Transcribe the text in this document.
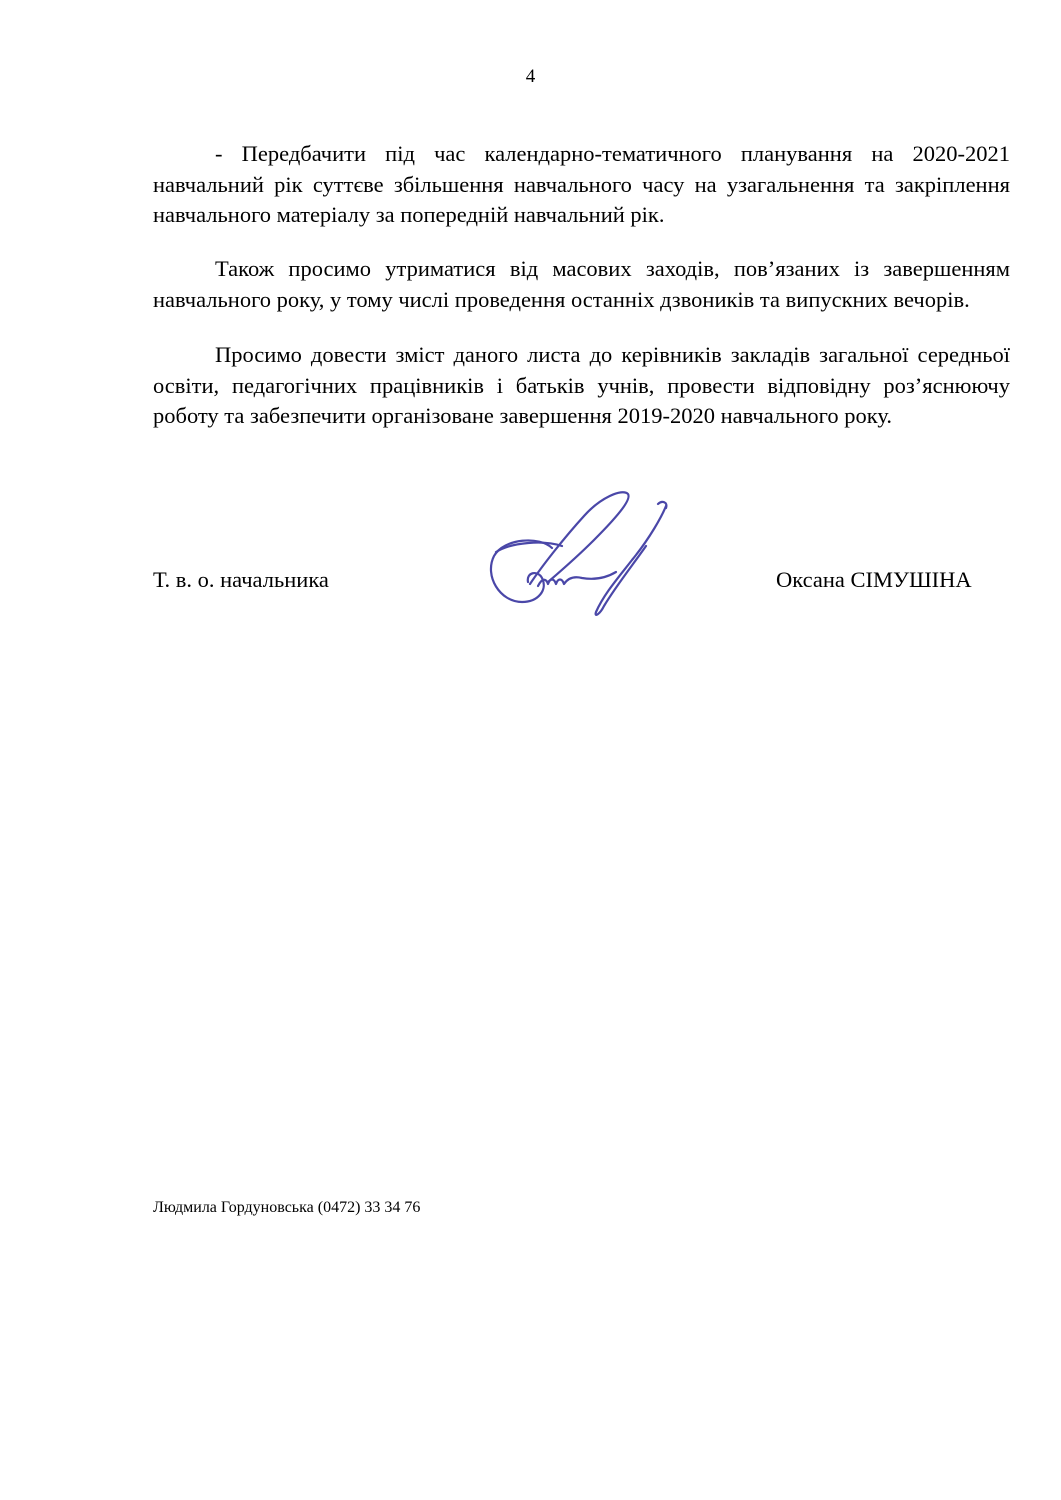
4

- Передбачити під час календарно-тематичного планування на 2020-2021 навчальний рік суттєве збільшення навчального часу на узагальнення та закріплення навчального матеріалу за попередній навчальний рік.

Також просимо утриматися від масових заходів, пов’язаних із завершенням навчального року, у тому числі проведення останніх дзвоників та випускних вечорів.

Просимо довести зміст даного листа до керівників закладів загальної середньої освіти, педагогічних працівників і батьків учнів, провести відповідну роз’яснюючу роботу та забезпечити організоване завершення 2019-2020 навчального року.

Т. в. о. начальника	Оксана СІМУШІНА
Людмила Гордуновська (0472) 33 34 76
